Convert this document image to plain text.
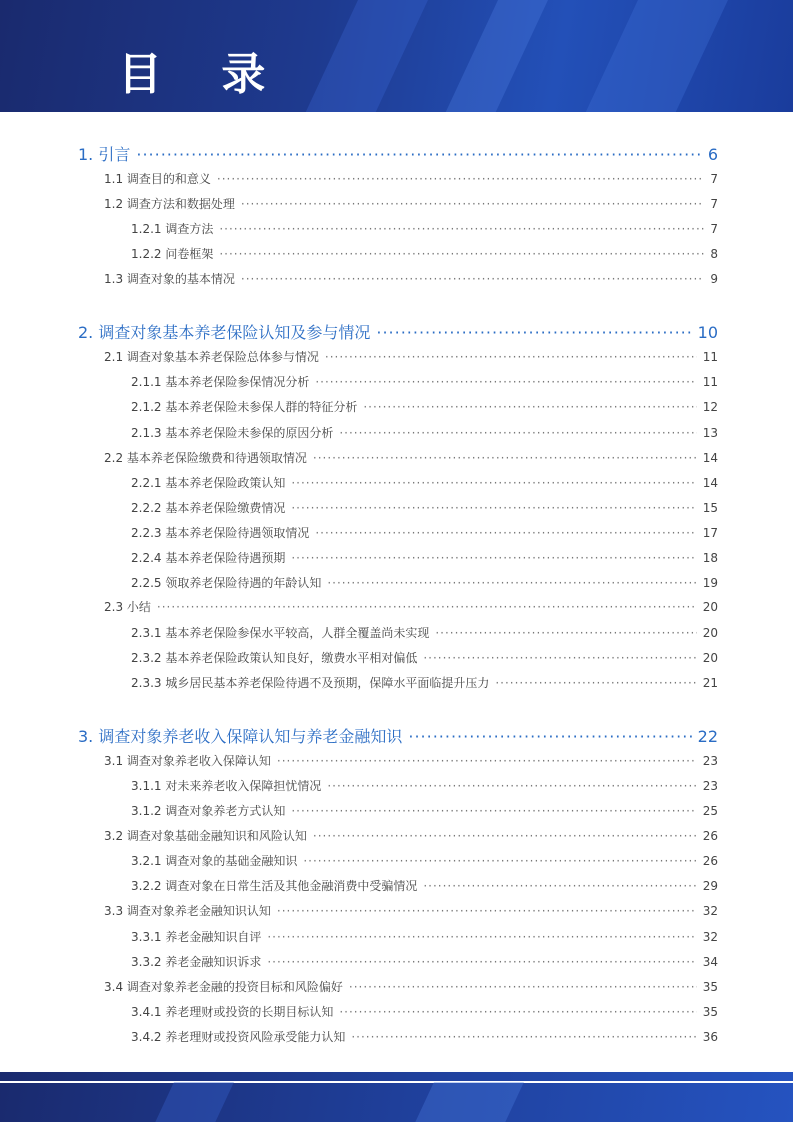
目 录
1. 引言 ·····	6
1.1 调查目的和意义 ·····	7
1.2 调查方法和数据处理 ·····	7
1.2.1 调查方法 ·····	7
1.2.2 问卷框架 ·····	8
1.3 调查对象的基本情况 ·····	9
2. 调查对象基本养老保险认知及参与情况 ·····	10
2.1 调查对象基本养老保险总体参与情况 ·····	11
2.1.1 基本养老保险参保情况分析 ·····	11
2.1.2 基本养老保险未参保人群的特征分析 ·····	12
2.1.3 基本养老保险未参保的原因分析 ·····	13
2.2 基本养老保险缴费和待遇领取情况 ·····	14
2.2.1 基本养老保险政策认知 ·····	14
2.2.2 基本养老保险缴费情况 ·····	15
2.2.3 基本养老保险待遇领取情况 ·····	17
2.2.4 基本养老保险待遇预期 ·····	18
2.2.5 领取养老保险待遇的年龄认知 ·····	19
2.3 小结 ·····	20
2.3.1 基本养老保险参保水平较高，人群全覆盖尚未实现 ·····	20
2.3.2 基本养老保险政策认知良好，缴费水平相对偏低 ·····	20
2.3.3 城乡居民基本养老保险待遇不及预期，保障水平面临提升压力 ·····	21
3. 调查对象养老收入保障认知与养老金融知识 ·····	22
3.1 调查对象养老收入保障认知 ·····	23
3.1.1 对未来养老收入保障担忧情况 ·····	23
3.1.2 调查对象养老方式认知 ·····	25
3.2 调查对象基础金融知识和风险认知 ·····	26
3.2.1 调查对象的基础金融知识 ·····	26
3.2.2 调查对象在日常生活及其他金融消费中受骗情况 ·····	29
3.3 调查对象养老金融知识认知 ·····	32
3.3.1 养老金融知识自评 ·····	32
3.3.2 养老金融知识诉求 ·····	34
3.4 调查对象养老金融的投资目标和风险偏好 ·····	35
3.4.1 养老理财或投资的长期目标认知 ·····	35
3.4.2 养老理财或投资风险承受能力认知 ·····	36
